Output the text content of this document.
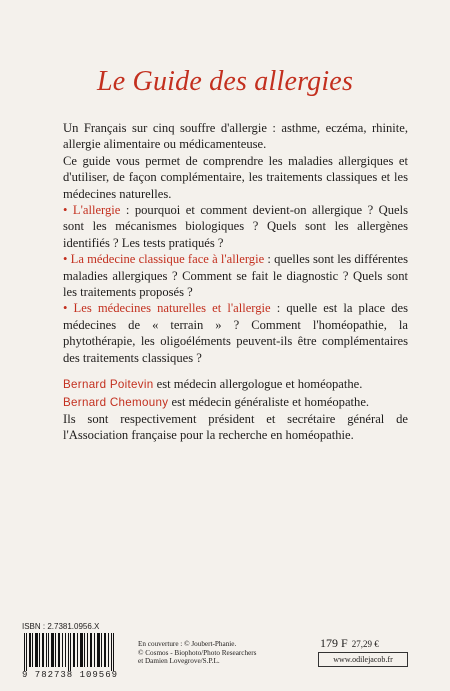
Le Guide des allergies

Un Français sur cinq souffre d'allergie : asthme, eczéma, rhinite, allergie alimentaire ou médicamenteuse.

Ce guide vous permet de comprendre les maladies allergiques et d'utiliser, de façon complémentaire, les traitements classiques et les médecines naturelles.

• L'allergie : pourquoi et comment devient-on allergique ? Quels sont les mécanismes biologiques ? Quels sont les allergènes identifiés ? Les tests pratiqués ?

• La médecine classique face à l'allergie : quelles sont les différentes maladies allergiques ? Comment se fait le diagnostic ? Quels sont les traitements proposés ?

• Les médecines naturelles et l'allergie : quelle est la place des médecines de « terrain » ? Comment l'homéopathie, la phytothérapie, les oligoéléments peuvent-ils être complémentaires des traitements classiques ?

Bernard Poitevin est médecin allergologue et homéopathe.

Bernard Chemouny est médecin généraliste et homéopathe.

Ils sont respectivement président et secrétaire général de l'Association française pour la recherche en homéopathie.

ISBN : 2.7381.0956.X
9 782738 109569
En couverture : © Joubert-Phanie.
© Cosmos - Biophoto/Photo Researchers
et Damien Lovegrove/S.P.L.
179 F 27,29 €
www.odilejacob.fr
